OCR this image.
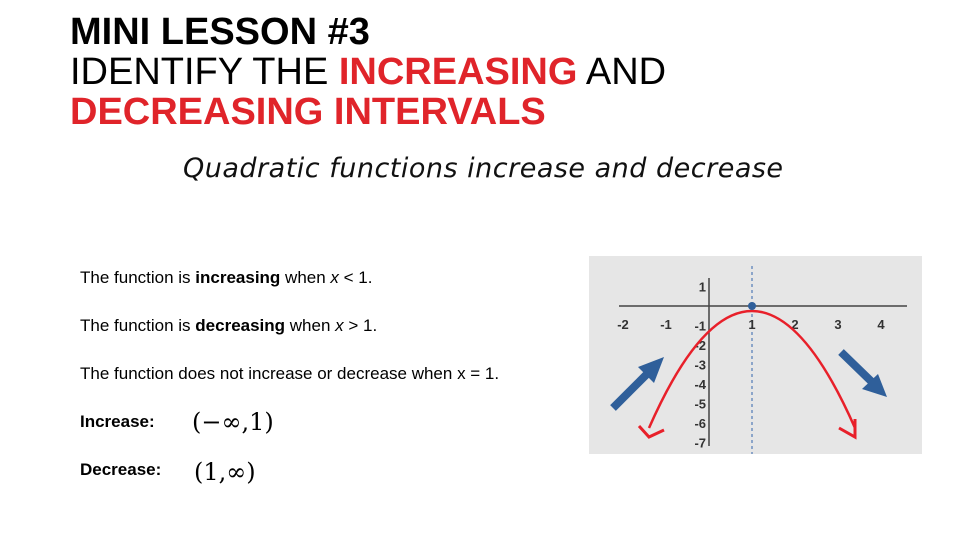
MINI LESSON #3
IDENTIFY THE INCREASING AND
DECREASING INTERVALS
Quadratic functions increase and decrease
The function is increasing when x < 1.
The function is decreasing when x > 1.
The function does not increase or decrease when x = 1.
Increase: (−∞,1)
Decrease: (1,∞)
-2 -1	1	2	3	4
1
-1
-2
-3
-4
-5
-6
-7
